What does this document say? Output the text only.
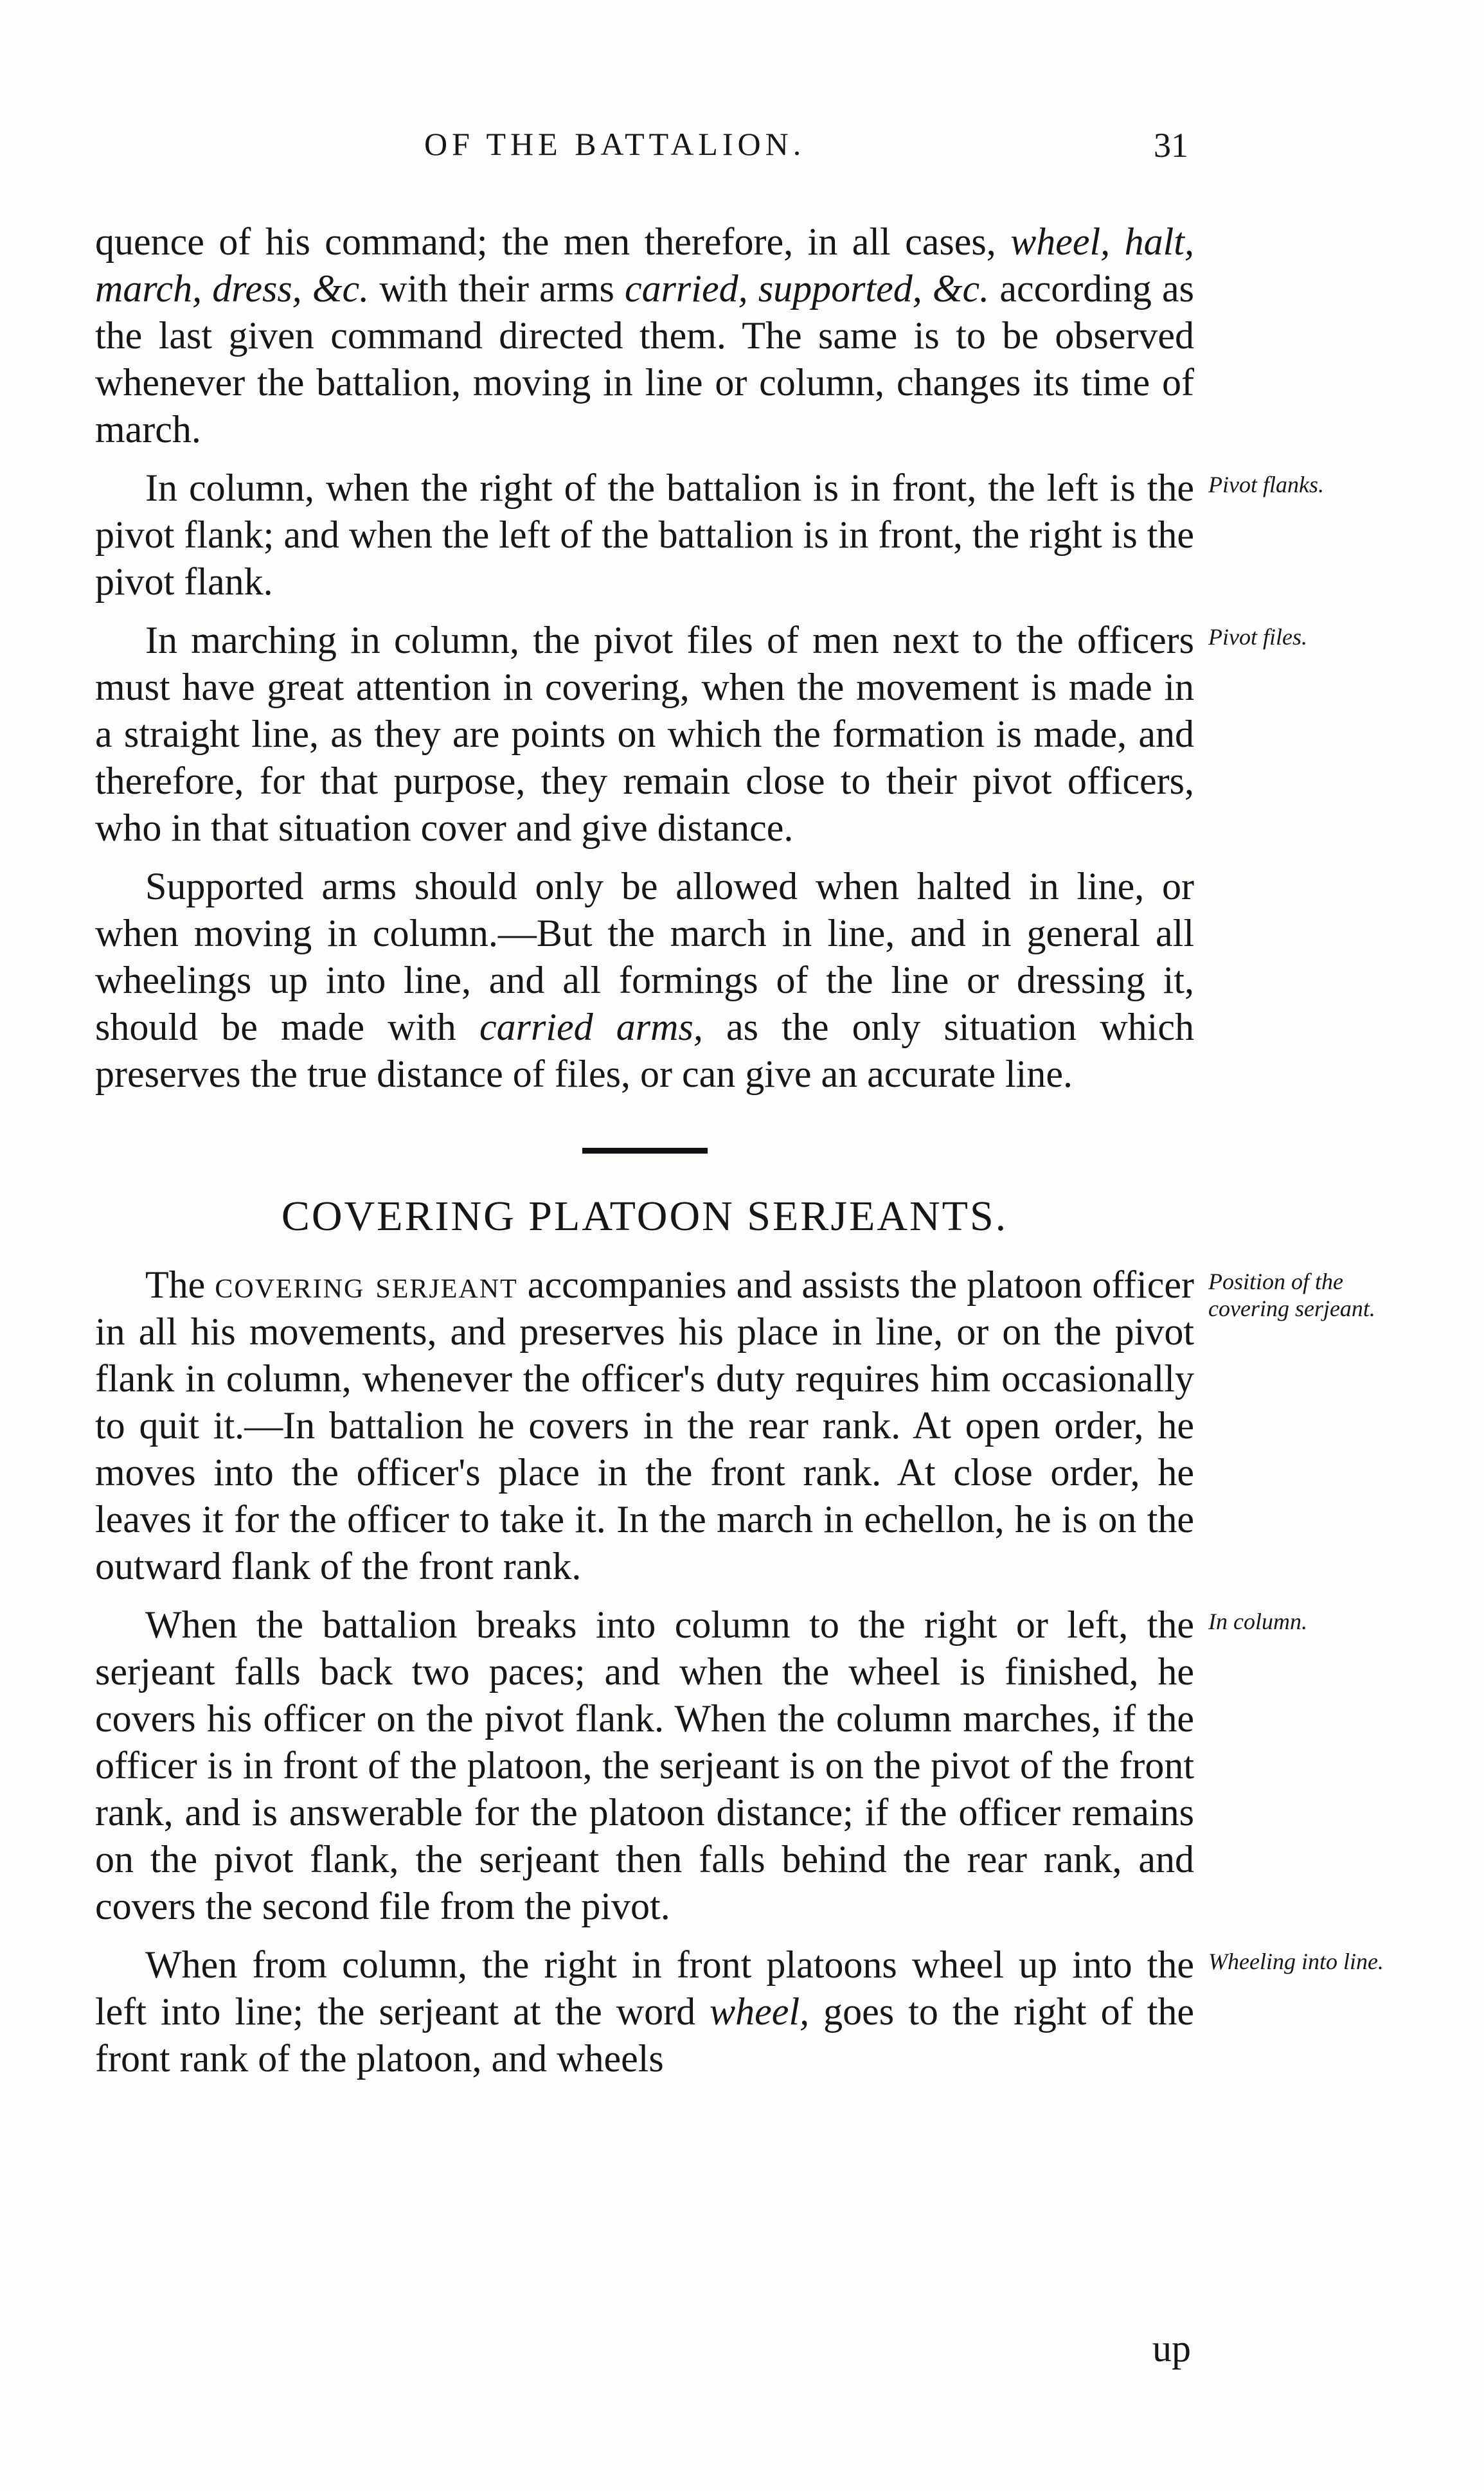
OF THE BATTALION.	31

quence of his command; the men therefore, in all cases, wheel, halt, march, dress, &c. with their arms carried, supported, &c. according as the last given command directed them. The same is to be observed whenever the battalion, moving in line or column, changes its time of march.

In column, when the right of the battalion is in front, the left is the pivot flank; and when the left of the battalion is in front, the right is the pivot flank.

In marching in column, the pivot files of men next to the officers must have great attention in covering, when the movement is made in a straight line, as they are points on which the formation is made, and therefore, for that purpose, they remain close to their pivot officers, who in that situation cover and give distance.

Supported arms should only be allowed when halted in line, or when moving in column.—But the march in line, and in general all wheelings up into line, and all formings of the line or dressing it, should be made with carried arms, as the only situation which preserves the true distance of files, or can give an accurate line.

COVERING PLATOON SERJEANTS.

The covering serjeant accompanies and assists the platoon officer in all his movements, and preserves his place in line, or on the pivot flank in column, whenever the officer's duty requires him occasionally to quit it.—In battalion he covers in the rear rank. At open order, he moves into the officer's place in the front rank. At close order, he leaves it for the officer to take it. In the march in echellon, he is on the outward flank of the front rank.

When the battalion breaks into column to the right or left, the serjeant falls back two paces; and when the wheel is finished, he covers his officer on the pivot flank. When the column marches, if the officer is in front of the platoon, the serjeant is on the pivot of the front rank, and is answerable for the platoon distance; if the officer remains on the pivot flank, the serjeant then falls behind the rear rank, and covers the second file from the pivot.

When from column, the right in front platoons wheel up into the left into line; the serjeant at the word wheel, goes to the right of the front rank of the platoon, and wheels

Pivot flanks.
Pivot files.
Position of the covering serjeant.
In column.
Wheeling into line.
up
